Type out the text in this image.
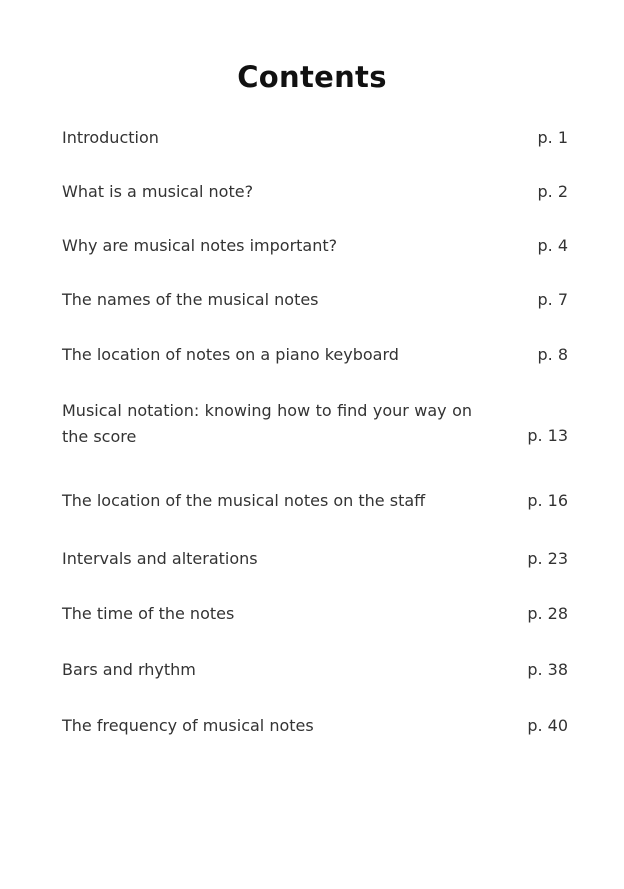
Contents
Introduction	p. 1
What is a musical note?	p. 2
Why are musical notes important?	p. 4
The names of the musical notes	p. 7
The location of notes on a piano keyboard	p. 8
Musical notation: knowing how to find your way on the score	p. 13
The location of the musical notes on the staff	p. 16
Intervals and alterations	p. 23
The time of the notes	p. 28
Bars and rhythm	p. 38
The frequency of musical notes	p. 40
